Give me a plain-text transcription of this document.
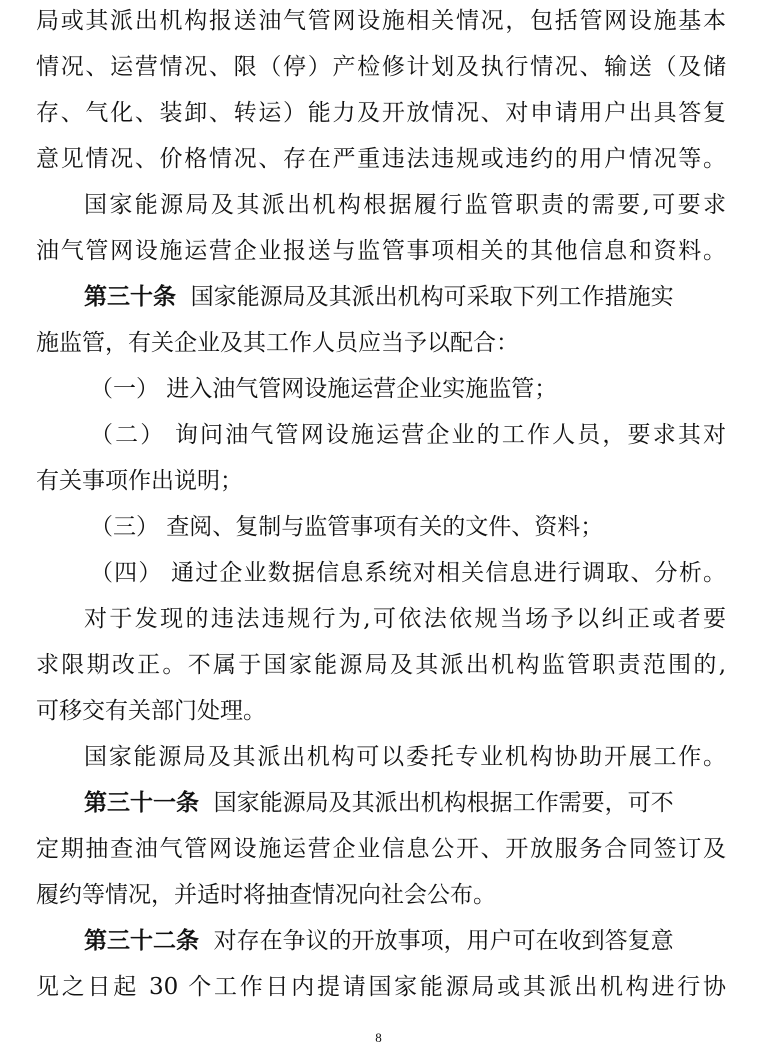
局或其派出机构报送油气管网设施相关情况，包括管网设施基本
情况、运营情况、限（停）产检修计划及执行情况、输送（及储
存、气化、装卸、转运）能力及开放情况、对申请用户出具答复
意见情况、价格情况、存在严重违法违规或违约的用户情况等。
国家能源局及其派出机构根据履行监管职责的需要,可要求
油气管网设施运营企业报送与监管事项相关的其他信息和资料。
第三十条 国家能源局及其派出机构可采取下列工作措施实
施监管，有关企业及其工作人员应当予以配合：
（一） 进入油气管网设施运营企业实施监管；
（二） 询问油气管网设施运营企业的工作人员，要求其对
有关事项作出说明；
（三） 查阅、复制与监管事项有关的文件、资料；
（四） 通过企业数据信息系统对相关信息进行调取、分析。
对于发现的违法违规行为,可依法依规当场予以纠正或者要
求限期改正。不属于国家能源局及其派出机构监管职责范围的,
可移交有关部门处理。
国家能源局及其派出机构可以委托专业机构协助开展工作。
第三十一条 国家能源局及其派出机构根据工作需要，可不
定期抽查油气管网设施运营企业信息公开、开放服务合同签订及
履约等情况，并适时将抽查情况向社会公布。
第三十二条 对存在争议的开放事项，用户可在收到答复意
见之日起 30 个工作日内提请国家能源局或其派出机构进行协
8
